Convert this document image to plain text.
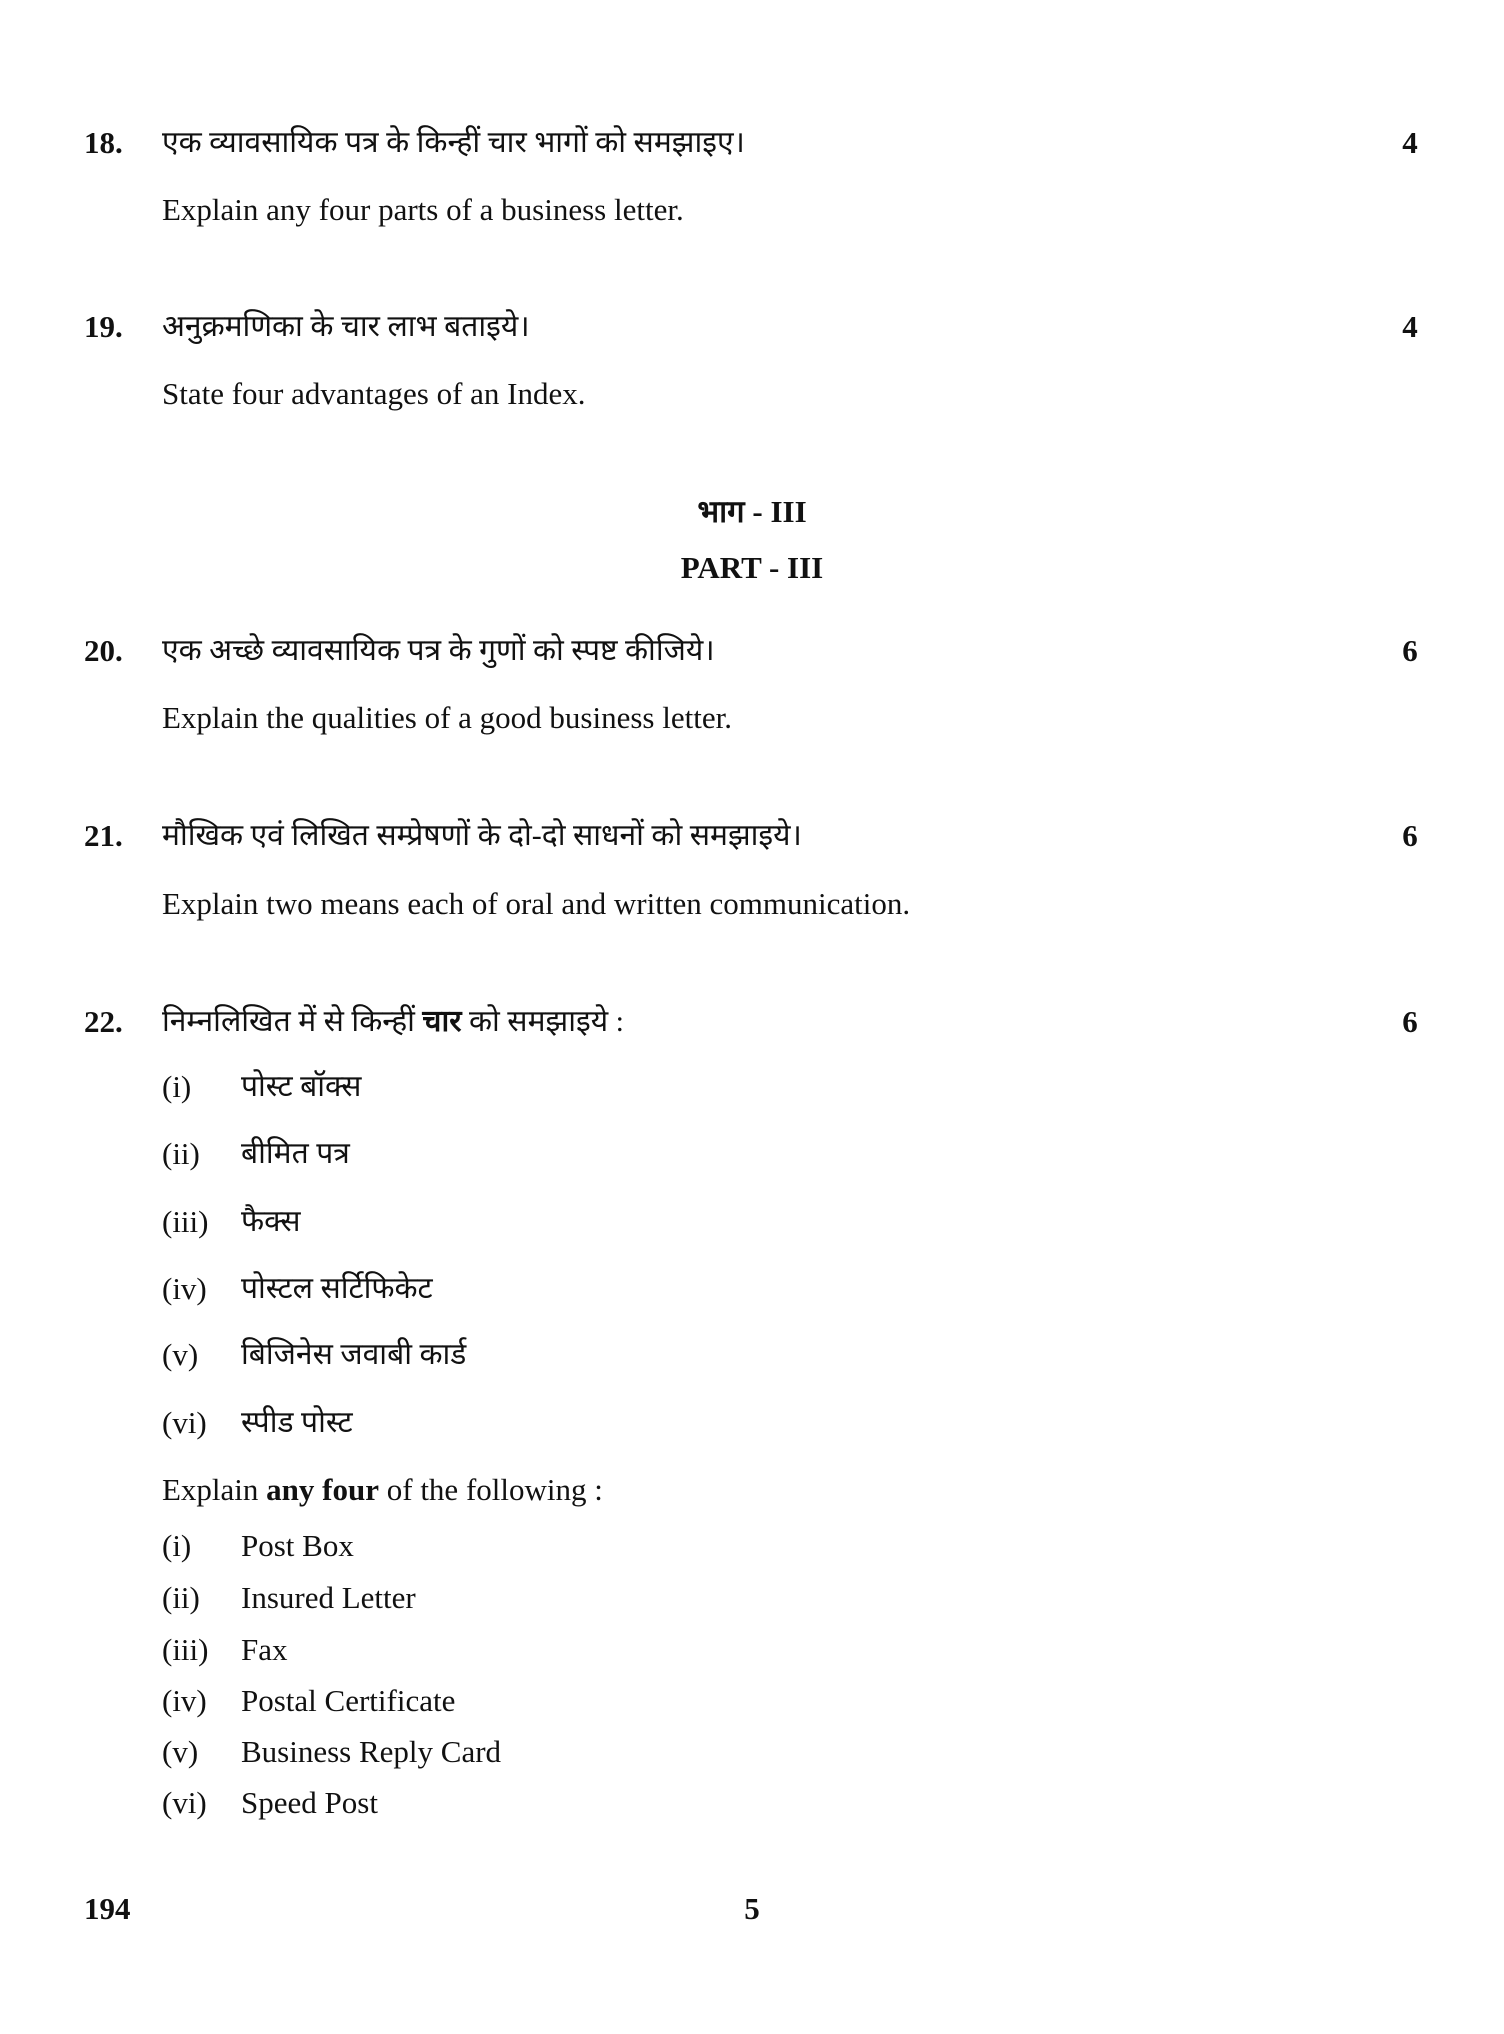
18. एक व्यावसायिक पत्र के किन्हीं चार भागों को समझाइए।	4
Explain any four parts of a business letter.
19. अनुक्रमणिका के चार लाभ बताइये।	4
State four advantages of an Index.
भाग - III
PART - III
20. एक अच्छे व्यावसायिक पत्र के गुणों को स्पष्ट कीजिये।	6
Explain the qualities of a good business letter.
21. मौखिक एवं लिखित सम्प्रेषणों के दो-दो साधनों को समझाइये।	6
Explain two means each of oral and written communication.
22. निम्नलिखित में से किन्हीं चार को समझाइये :	6
(i) पोस्ट बॉक्स
(ii) बीमित पत्र
(iii) फैक्स
(iv) पोस्टल सर्टिफिकेट
(v) बिजिनेस जवाबी कार्ड
(vi) स्पीड पोस्ट
Explain any four of the following :
(i) Post Box
(ii) Insured Letter
(iii) Fax
(iv) Postal Certificate
(v) Business Reply Card
(vi) Speed Post
194	5
